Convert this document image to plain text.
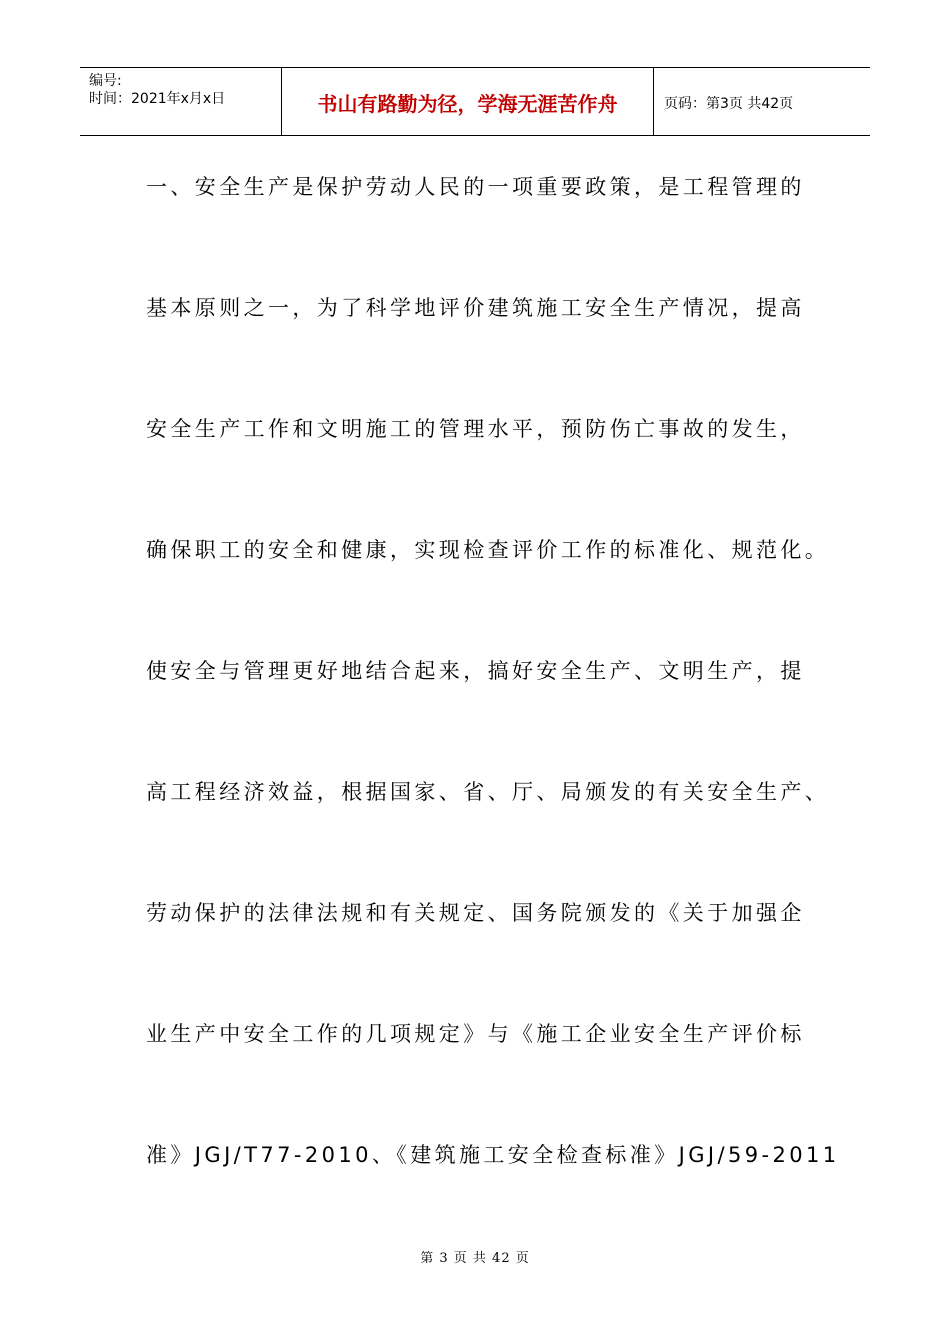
编号:
时间：2021年x月x日	书山有路勤为径，学海无涯苦作舟	页码：第3页 共42页
一、安全生产是保护劳动人民的一项重要政策，是工程管理的
基本原则之一，为了科学地评价建筑施工安全生产情况，提高
安全生产工作和文明施工的管理水平，预防伤亡事故的发生，
确保职工的安全和健康，实现检查评价工作的标准化、规范化。
使安全与管理更好地结合起来，搞好安全生产、文明生产，提
高工程经济效益，根据国家、省、厅、局颁发的有关安全生产、
劳动保护的法律法规和有关规定、国务院颁发的《关于加强企
业生产中安全工作的几项规定》与《施工企业安全生产评价标
准》JGJ/T77-2010、《建筑施工安全检查标准》JGJ/59-2011
第 3 页 共 42 页
